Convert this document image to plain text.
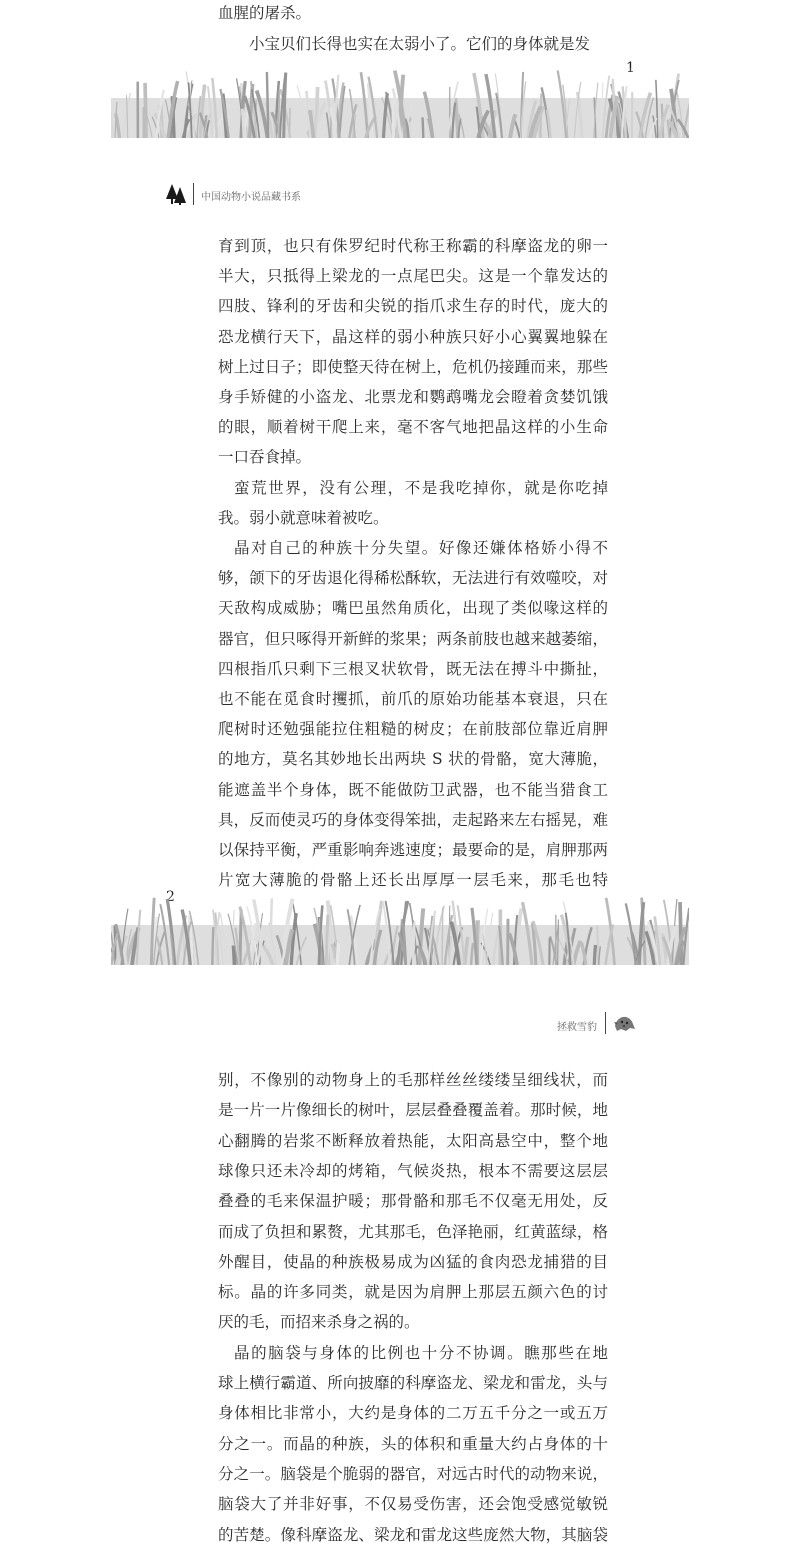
血腥的屠杀。
小宝贝们长得也实在太弱小了。它们的身体就是发
中国动物小说品藏书系
育到顶，也只有侏罗纪时代称王称霸的科摩盗龙的卵一
半大，只抵得上梁龙的一点尾巴尖。这是一个靠发达的
四肢、锋利的牙齿和尖锐的指爪求生存的时代，庞大的
恐龙横行天下，晶这样的弱小种族只好小心翼翼地躲在
树上过日子；即使整天待在树上，危机仍接踵而来，那些
身手矫健的小盗龙、北票龙和鹦鹉嘴龙会瞪着贪婪饥饿
的眼，顺着树干爬上来，毫不客气地把晶这样的小生命
一口吞食掉。
蛮荒世界，没有公理，不是我吃掉你，就是你吃掉
我。弱小就意味着被吃。
晶对自己的种族十分失望。好像还嫌体格娇小得不
够，颌下的牙齿退化得稀松酥软，无法进行有效噬咬，对
天敌构成威胁；嘴巴虽然角质化，出现了类似喙这样的
器官，但只啄得开新鲜的浆果；两条前肢也越来越萎缩，
四根指爪只剩下三根叉状软骨，既无法在搏斗中撕扯，
也不能在觅食时攫抓，前爪的原始功能基本衰退，只在
爬树时还勉强能拉住粗糙的树皮；在前肢部位靠近肩胛
的地方，莫名其妙地长出两块 S 状的骨骼，宽大薄脆，
能遮盖半个身体，既不能做防卫武器，也不能当猎食工
具，反而使灵巧的身体变得笨拙，走起路来左右摇晃，难
以保持平衡，严重影响奔逃速度；最要命的是，肩胛那两
片宽大薄脆的骨骼上还长出厚厚一层毛来，那毛也特
拯救雪豹
别，不像别的动物身上的毛那样丝丝缕缕呈细线状，而
是一片一片像细长的树叶，层层叠叠覆盖着。那时候，地
心翻腾的岩浆不断释放着热能，太阳高悬空中，整个地
球像只还未冷却的烤箱，气候炎热，根本不需要这层层
叠叠的毛来保温护暖；那骨骼和那毛不仅毫无用处，反
而成了负担和累赘，尤其那毛，色泽艳丽，红黄蓝绿，格
外醒目，使晶的种族极易成为凶猛的食肉恐龙捕猎的目
标。晶的许多同类，就是因为肩胛上那层五颜六色的讨
厌的毛，而招来杀身之祸的。
晶的脑袋与身体的比例也十分不协调。瞧那些在地
球上横行霸道、所向披靡的科摩盗龙、梁龙和雷龙，头与
身体相比非常小，大约是身体的二万五千分之一或五万
分之一。而晶的种族，头的体积和重量大约占身体的十
分之一。脑袋是个脆弱的器官，对远古时代的动物来说，
脑袋大了并非好事，不仅易受伤害，还会饱受感觉敏锐
的苦楚。像科摩盗龙、梁龙和雷龙这些庞然大物，其脑袋
